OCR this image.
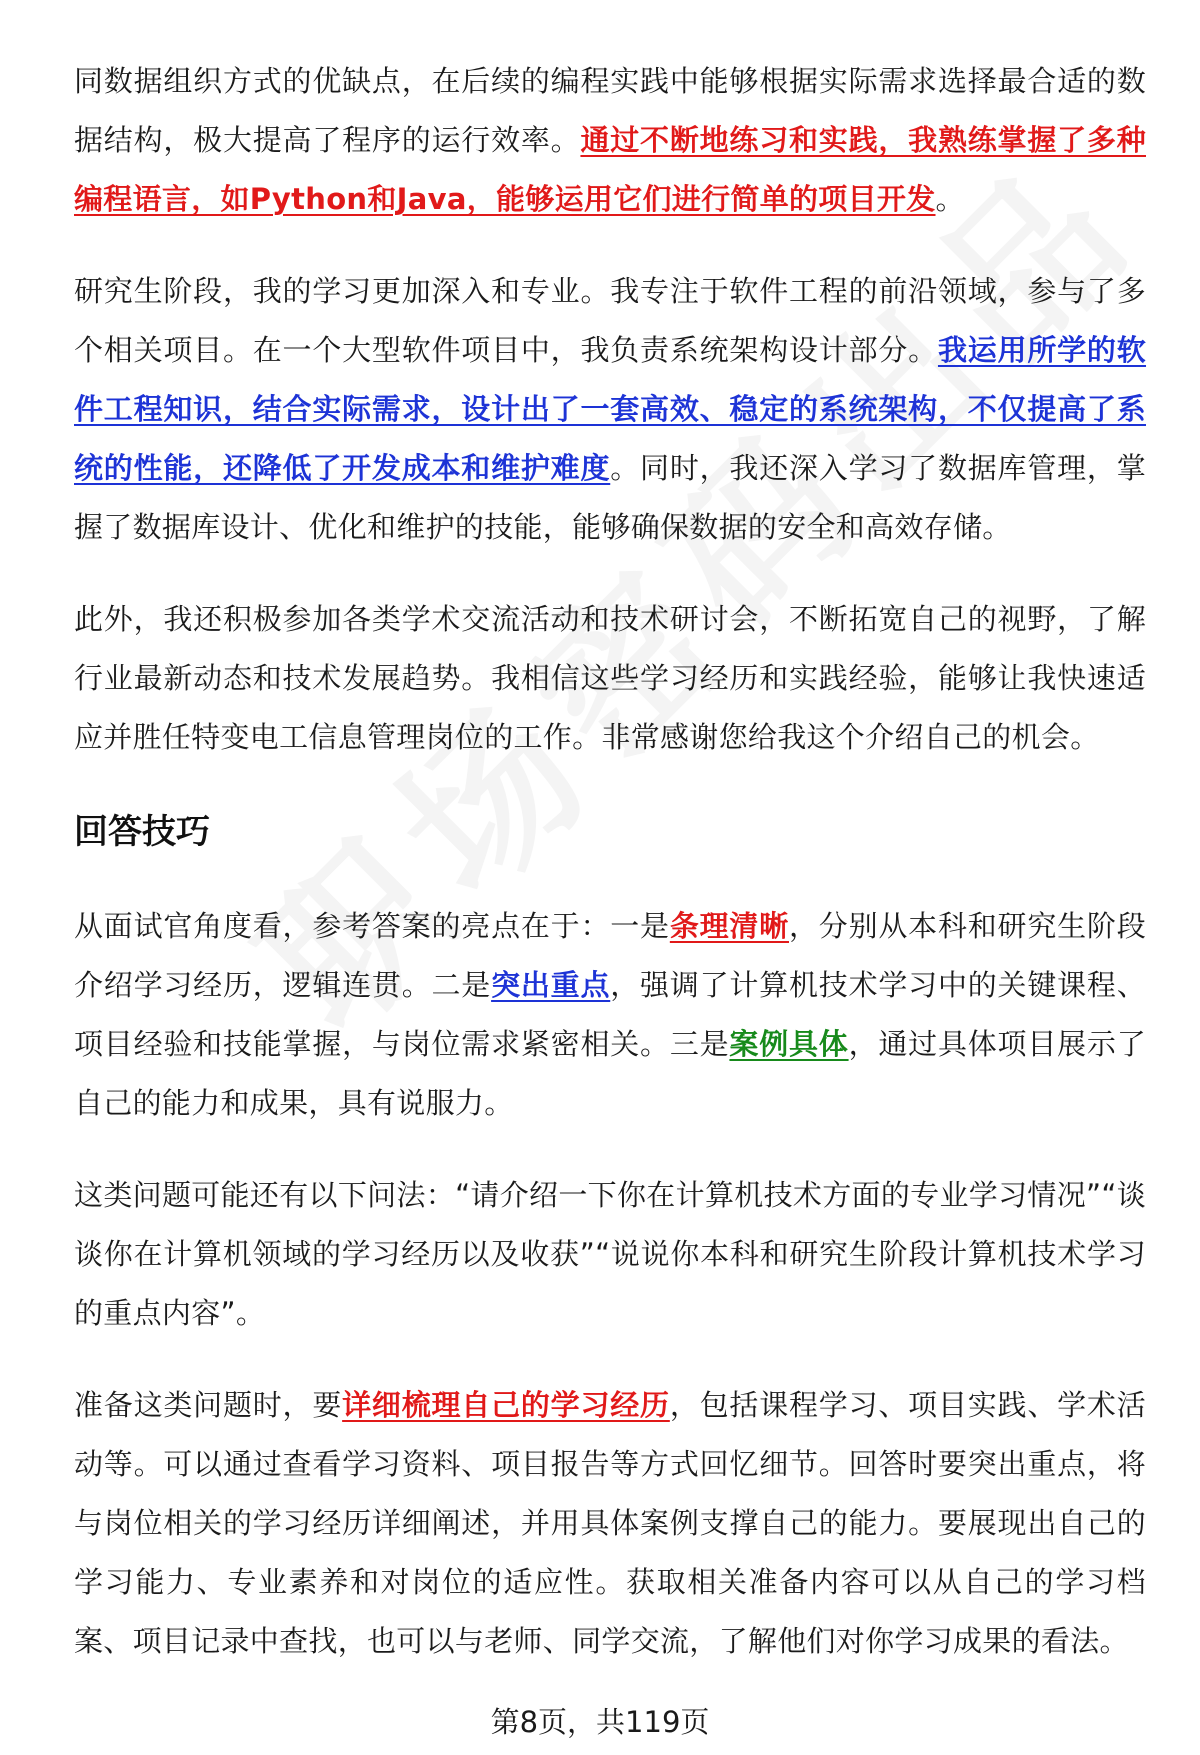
同数据组织方式的优缺点，在后续的编程实践中能够根据实际需求选择最合适的数据结构，极大提高了程序的运行效率。通过不断地练习和实践，我熟练掌握了多种编程语言，如Python和Java，能够运用它们进行简单的项目开发。

研究生阶段，我的学习更加深入和专业。我专注于软件工程的前沿领域，参与了多个相关项目。在一个大型软件项目中，我负责系统架构设计部分。我运用所学的软件工程知识，结合实际需求，设计出了一套高效、稳定的系统架构，不仅提高了系统的性能，还降低了开发成本和维护难度。同时，我还深入学习了数据库管理，掌握了数据库设计、优化和维护的技能，能够确保数据的安全和高效存储。

此外，我还积极参加各类学术交流活动和技术研讨会，不断拓宽自己的视野，了解行业最新动态和技术发展趋势。我相信这些学习经历和实践经验，能够让我快速适应并胜任特变电工信息管理岗位的工作。非常感谢您给我这个介绍自己的机会。

回答技巧

从面试官角度看，参考答案的亮点在于：一是条理清晰，分别从本科和研究生阶段介绍学习经历，逻辑连贯。二是突出重点，强调了计算机技术学习中的关键课程、项目经验和技能掌握，与岗位需求紧密相关。三是案例具体，通过具体项目展示了自己的能力和成果，具有说服力。

这类问题可能还有以下问法：“请介绍一下你在计算机技术方面的专业学习情况”“谈谈你在计算机领域的学习经历以及收获”“说说你本科和研究生阶段计算机技术学习的重点内容”。

准备这类问题时，要详细梳理自己的学习经历，包括课程学习、项目实践、学术活动等。可以通过查看学习资料、项目报告等方式回忆细节。回答时要突出重点，将与岗位相关的学习经历详细阐述，并用具体案例支撑自己的能力。要展现出自己的学习能力、专业素养和对岗位的适应性。获取相关准备内容可以从自己的学习档案、项目记录中查找，也可以与老师、同学交流，了解他们对你学习成果的看法。

第8页，共119页
